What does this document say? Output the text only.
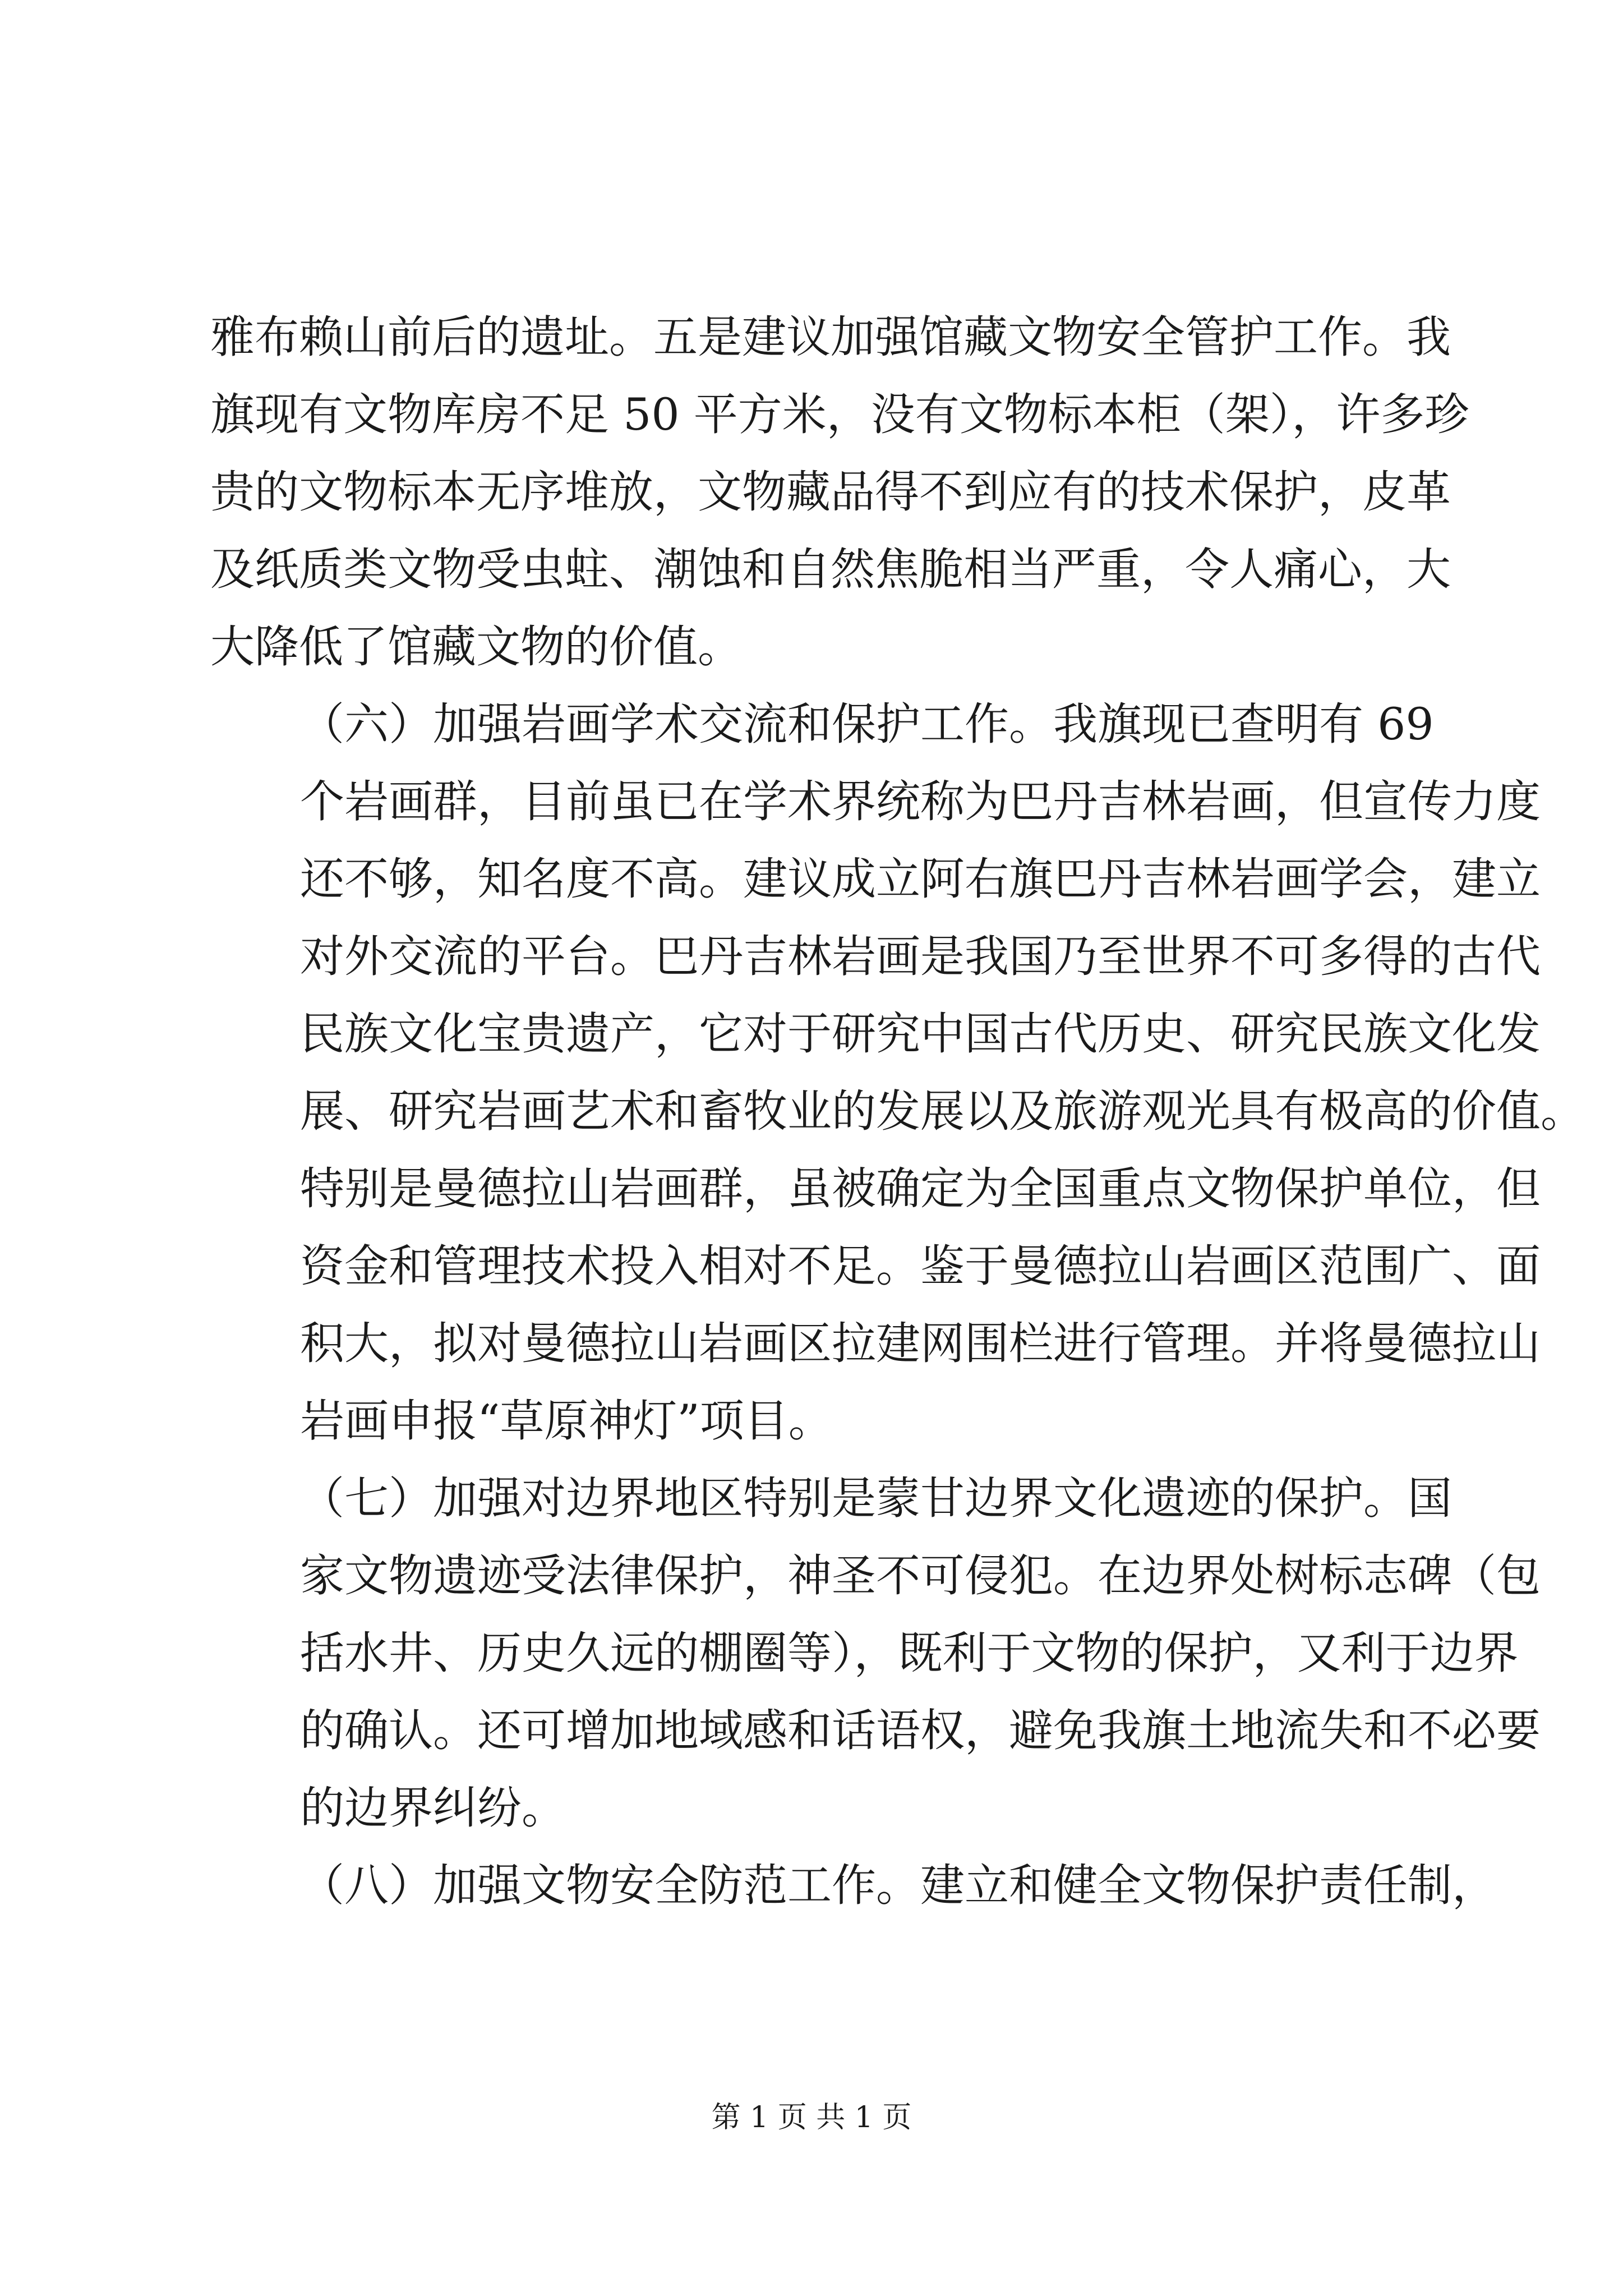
雅布赖山前后的遗址。五是建议加强馆藏文物安全管护工作。我
旗现有文物库房不足 50 平方米，没有文物标本柜（架），许多珍
贵的文物标本无序堆放，文物藏品得不到应有的技术保护，皮革
及纸质类文物受虫蛀、潮蚀和自然焦脆相当严重，令人痛心，大
大降低了馆藏文物的价值。

（六）加强岩画学术交流和保护工作。我旗现已查明有 69
个岩画群，目前虽已在学术界统称为巴丹吉林岩画，但宣传力度
还不够，知名度不高。建议成立阿右旗巴丹吉林岩画学会，建立
对外交流的平台。巴丹吉林岩画是我国乃至世界不可多得的古代
民族文化宝贵遗产，它对于研究中国古代历史、研究民族文化发
展、研究岩画艺术和畜牧业的发展以及旅游观光具有极高的价值。
特别是曼德拉山岩画群，虽被确定为全国重点文物保护单位，但
资金和管理技术投入相对不足。鉴于曼德拉山岩画区范围广、面
积大，拟对曼德拉山岩画区拉建网围栏进行管理。并将曼德拉山
岩画申报“草原神灯”项目。

（七）加强对边界地区特别是蒙甘边界文化遗迹的保护。国
家文物遗迹受法律保护，神圣不可侵犯。在边界处树标志碑（包
括水井、历史久远的棚圈等），既利于文物的保护，又利于边界
的确认。还可增加地域感和话语权，避免我旗土地流失和不必要
的边界纠纷。

（八）加强文物安全防范工作。建立和健全文物保护责任制，

第 1 页 共 1 页
